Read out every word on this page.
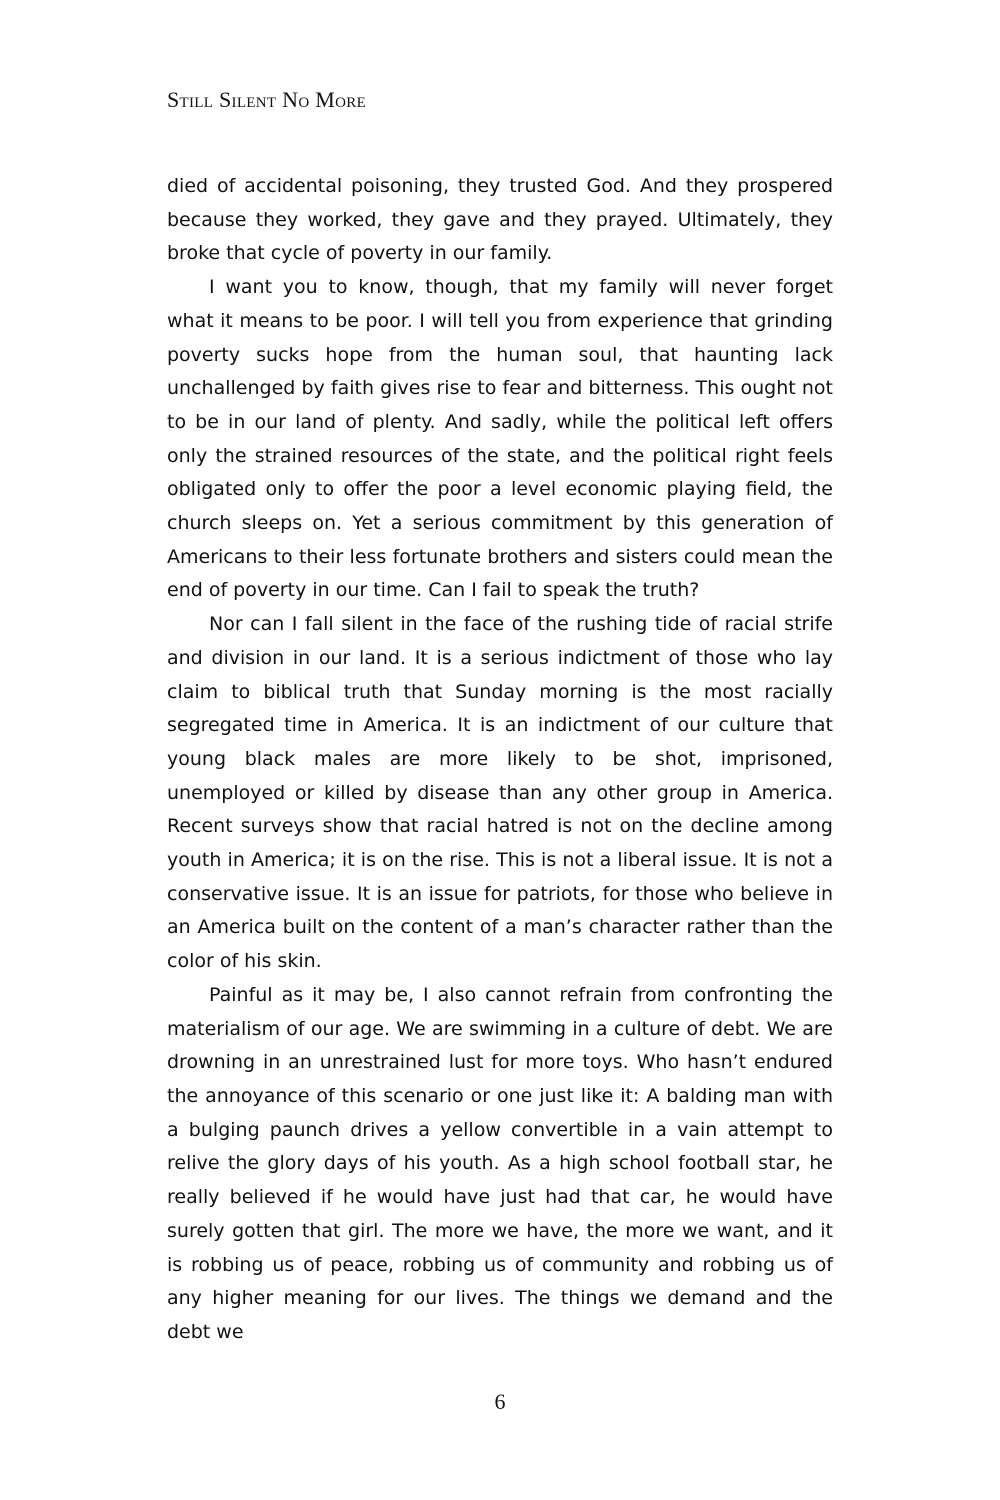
Still Silent No More

died of accidental poisoning, they trusted God. And they prospered because they worked, they gave and they prayed. Ultimately, they broke that cycle of poverty in our family.

I want you to know, though, that my family will never forget what it means to be poor. I will tell you from experience that grinding poverty sucks hope from the human soul, that haunting lack unchallenged by faith gives rise to fear and bitterness. This ought not to be in our land of plenty. And sadly, while the political left offers only the strained resources of the state, and the political right feels obligated only to offer the poor a level economic playing field, the church sleeps on. Yet a serious commitment by this generation of Americans to their less fortunate brothers and sisters could mean the end of poverty in our time. Can I fail to speak the truth?

Nor can I fall silent in the face of the rushing tide of racial strife and division in our land. It is a serious indictment of those who lay claim to biblical truth that Sunday morning is the most racially segregated time in America. It is an indictment of our culture that young black males are more likely to be shot, imprisoned, unemployed or killed by disease than any other group in America. Recent surveys show that racial hatred is not on the decline among youth in America; it is on the rise. This is not a liberal issue. It is not a conservative issue. It is an issue for patriots, for those who believe in an America built on the content of a man’s character rather than the color of his skin.

Painful as it may be, I also cannot refrain from confronting the materialism of our age. We are swimming in a culture of debt. We are drowning in an unrestrained lust for more toys. Who hasn’t endured the annoyance of this scenario or one just like it: A balding man with a bulging paunch drives a yellow convertible in a vain attempt to relive the glory days of his youth. As a high school football star, he really believed if he would have just had that car, he would have surely gotten that girl. The more we have, the more we want, and it is robbing us of peace, robbing us of community and robbing us of any higher meaning for our lives. The things we demand and the debt we

6
